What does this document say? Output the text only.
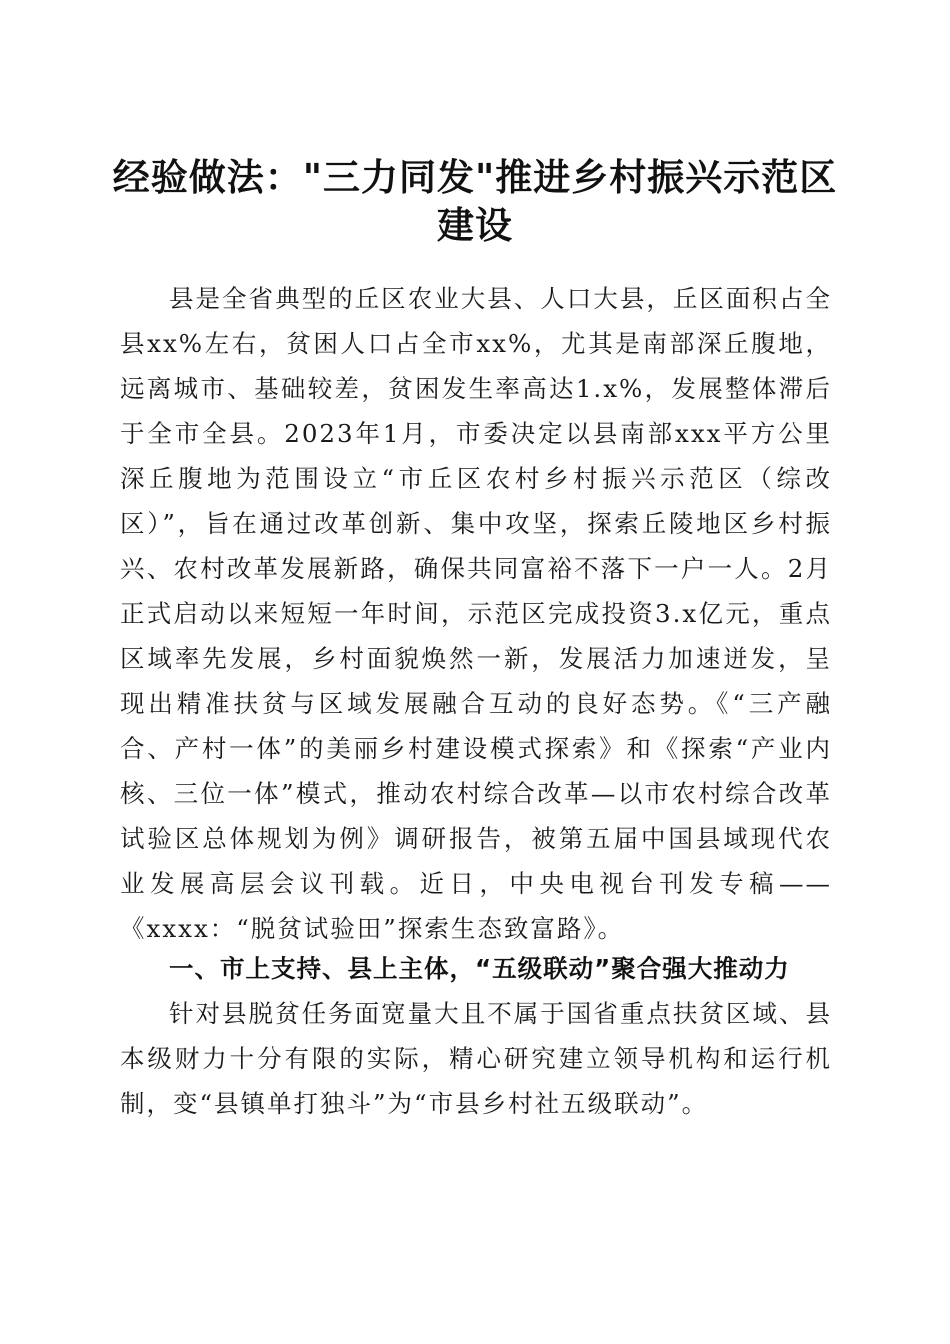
经验做法："三力同发"推进乡村振兴示范区建设

县是全省典型的丘区农业大县、人口大县，丘区面积占全县xx%左右，贫困人口占全市xx%，尤其是南部深丘腹地，远离城市、基础较差，贫困发生率高达1.x%，发展整体滞后于全市全县。2023年1月，市委决定以县南部xxx平方公里深丘腹地为范围设立“市丘区农村乡村振兴示范区（综改区）”，旨在通过改革创新、集中攻坚，探索丘陵地区乡村振兴、农村改革发展新路，确保共同富裕不落下一户一人。2月正式启动以来短短一年时间，示范区完成投资3.x亿元，重点区域率先发展，乡村面貌焕然一新，发展活力加速迸发，呈现出精准扶贫与区域发展融合互动的良好态势。《“三产融合、产村一体”的美丽乡村建设模式探索》和《探索“产业内核、三位一体”模式，推动农村综合改革—以市农村综合改革试验区总体规划为例》调研报告，被第五届中国县域现代农业发展高层会议刊载。近日，中央电视台刊发专稿——《xxxx：“脱贫试验田”探索生态致富路》。

一、市上支持、县上主体，“五级联动”聚合强大推动力

针对县脱贫任务面宽量大且不属于国省重点扶贫区域、县本级财力十分有限的实际，精心研究建立领导机构和运行机制，变“县镇单打独斗”为“市县乡村社五级联动”。
